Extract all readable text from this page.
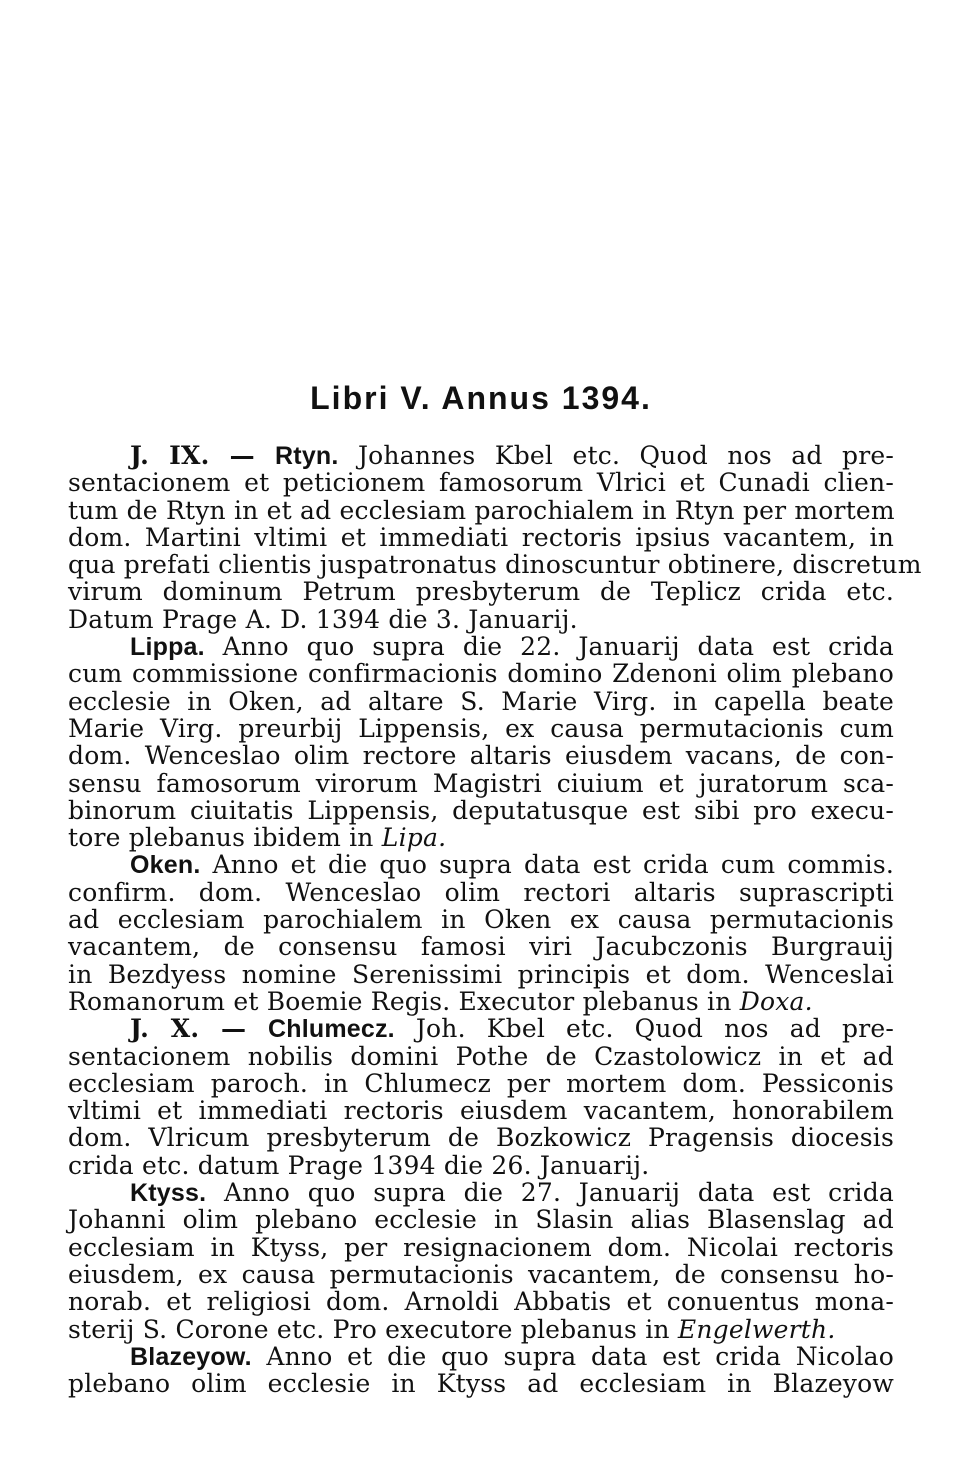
Libri V. Annus 1394.
J. IX. — Rtyn. Johannes Kbel etc. Quod nos ad pre-
sentacionem et peticionem famosorum Vlrici et Cunadi clien-
tum de Rtyn in et ad ecclesiam parochialem in Rtyn per mortem
dom. Martini vltimi et immediati rectoris ipsius vacantem, in
qua prefati clientis juspatronatus dinoscuntur obtinere, discretum
virum dominum Petrum presbyterum de Teplicz crida etc.
Datum Prage A. D. 1394 die 3. Januarij.
Lippa. Anno quo supra die 22. Januarij data est crida
cum commissione confirmacionis domino Zdenoni olim plebano
ecclesie in Oken, ad altare S. Marie Virg. in capella beate
Marie Virg. preurbij Lippensis, ex causa permutacionis cum
dom. Wenceslao olim rectore altaris eiusdem vacans, de con-
sensu famosorum virorum Magistri ciuium et juratorum sca-
binorum ciuitatis Lippensis, deputatusque est sibi pro execu-
tore plebanus ibidem in Lipa.
Oken. Anno et die quo supra data est crida cum commis.
confirm. dom. Wenceslao olim rectori altaris suprascripti
ad ecclesiam parochialem in Oken ex causa permutacionis
vacantem, de consensu famosi viri Jacubczonis Burgrauij
in Bezdyess nomine Serenissimi principis et dom. Wenceslai
Romanorum et Boemie Regis. Executor plebanus in Doxa.
J. X. — Chlumecz. Joh. Kbel etc. Quod nos ad pre-
sentacionem nobilis domini Pothe de Czastolowicz in et ad
ecclesiam paroch. in Chlumecz per mortem dom. Pessiconis
vltimi et immediati rectoris eiusdem vacantem, honorabilem
dom. Vlricum presbyterum de Bozkowicz Pragensis diocesis
crida etc. datum Prage 1394 die 26. Januarij.
Ktyss. Anno quo supra die 27. Januarij data est crida
Johanni olim plebano ecclesie in Slasin alias Blasenslag ad
ecclesiam in Ktyss, per resignacionem dom. Nicolai rectoris
eiusdem, ex causa permutacionis vacantem, de consensu ho-
norab. et religiosi dom. Arnoldi Abbatis et conuentus mona-
sterij S. Corone etc. Pro executore plebanus in Engelwerth.
Blazeyow. Anno et die quo supra data est crida Nicolao
plebano olim ecclesie in Ktyss ad ecclesiam in Blazeyow
